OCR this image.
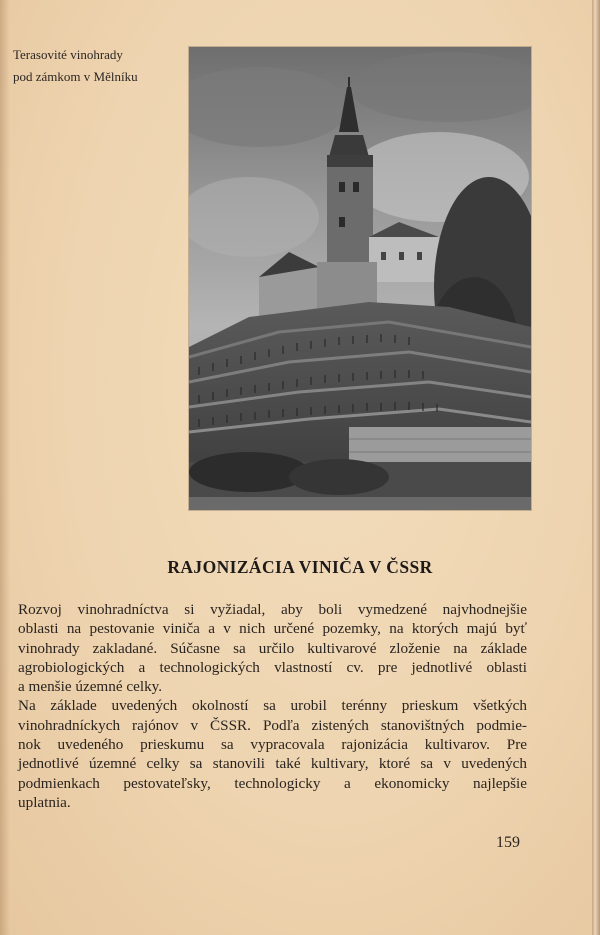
Terasovité vinohrady
pod zámkom v Mělníku
RAJONIZÁCIA VINIČA V ČSSR

Rozvoj vinohradníctva si vyžiadal, aby boli vymedzené najvhodnejšie
oblasti na pestovanie viniča a v nich určené pozemky, na ktorých majú byť
vinohrady zakladané. Súčasne sa určilo kultivarové zloženie na základe
agrobiologických a technologických vlastností cv. pre jednotlivé oblasti
a menšie územné celky.

Na základe uvedených okolností sa urobil terénny prieskum všetkých
vinohradníckych rajónov v ČSSR. Podľa zistených stanovištných podmie-
nok uvedeného prieskumu sa vypracovala rajonizácia kultivarov. Pre
jednotlivé územné celky sa stanovili také kultivary, ktoré sa v uvedených
podmienkach pestovateľsky, technologicky a ekonomicky najlepšie
uplatnia.

159
